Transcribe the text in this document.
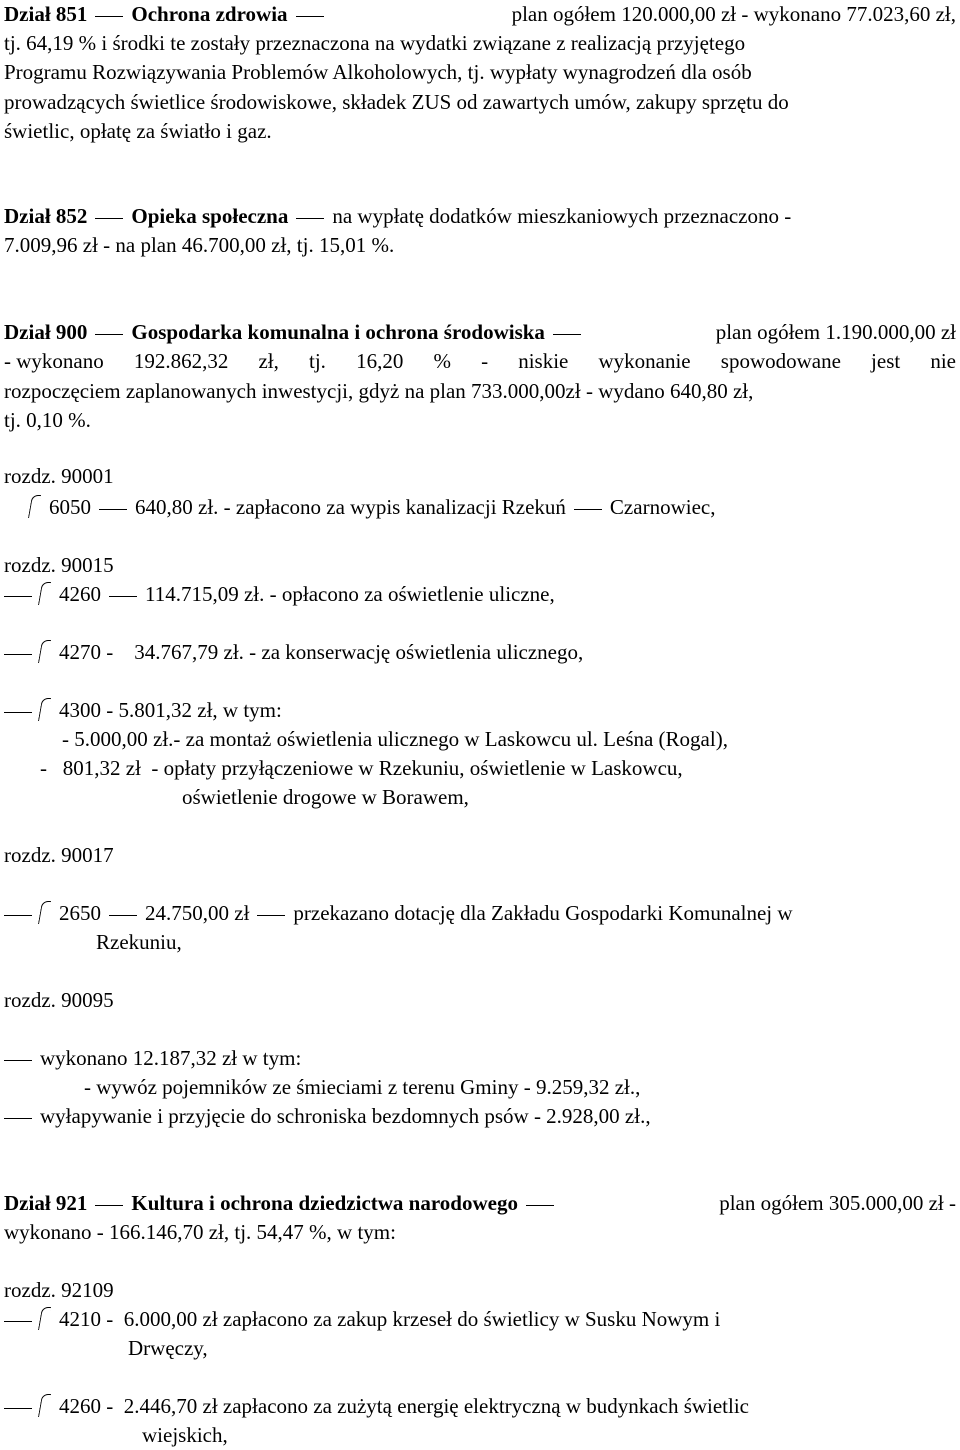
Dział 851 Ochrona zdrowia	plan ogółem 120.000,00 zł - wykonano 77.023,60 zł,
tj. 64,19 % i środki te zostały przeznaczona na wydatki związane z realizacją przyjętego
Programu Rozwiązywania Problemów Alkoholowych, tj. wypłaty wynagrodzeń dla osób
prowadzących świetlice środowiskowe, składek ZUS od zawartych umów, zakupy sprzętu do
świetlic, opłatę za światło i gaz.
Dział 852 Opieka społeczna na wypłatę dodatków mieszkaniowych przeznaczono -
7.009,96 zł - na plan 46.700,00 zł, tj. 15,01 %.
Dział 900 Gospodarka komunalna i ochrona środowiska	plan ogółem 1.190.000,00 zł
- wykonano 192.862,32 zł, tj. 16,20 % - niskie wykonanie spowodowane jest nie
rozpoczęciem zaplanowanych inwestycji, gdyż na plan 733.000,00zł - wydano 640,80 zł,
tj. 0,10 %.
rozdz. 90001
6050 640,80 zł. - zapłacono za wypis kanalizacji Rzekuń Czarnowiec,
rozdz. 90015
4260 114.715,09 zł. - opłacono za oświetlenie uliczne,
4270 -    34.767,79 zł. - za konserwację oświetlenia ulicznego,
4300 - 5.801,32 zł, w tym:
- 5.000,00 zł.- za montaż oświetlenia ulicznego w Laskowcu ul. Leśna (Rogal),
-   801,32 zł  - opłaty przyłączeniowe w Rzekuniu, oświetlenie w Laskowcu,
oświetlenie drogowe w Borawem,
rozdz. 90017
2650 24.750,00 zł przekazano dotację dla Zakładu Gospodarki Komunalnej w
Rzekuniu,
rozdz. 90095
wykonano 12.187,32 zł w tym:
- wywóz pojemników ze śmieciami z terenu Gminy - 9.259,32 zł.,
wyłapywanie i przyjęcie do schroniska bezdomnych psów - 2.928,00 zł.,
Dział 921 Kultura i ochrona dziedzictwa narodowego	plan ogółem 305.000,00 zł -
wykonano - 166.146,70 zł, tj. 54,47 %, w tym:
rozdz. 92109
4210 -  6.000,00 zł zapłacono za zakup krzeseł do świetlicy w Susku Nowym i
Drwęczy,
4260 -  2.446,70 zł zapłacono za zużytą energię elektryczną w budynkach świetlic
wiejskich,
